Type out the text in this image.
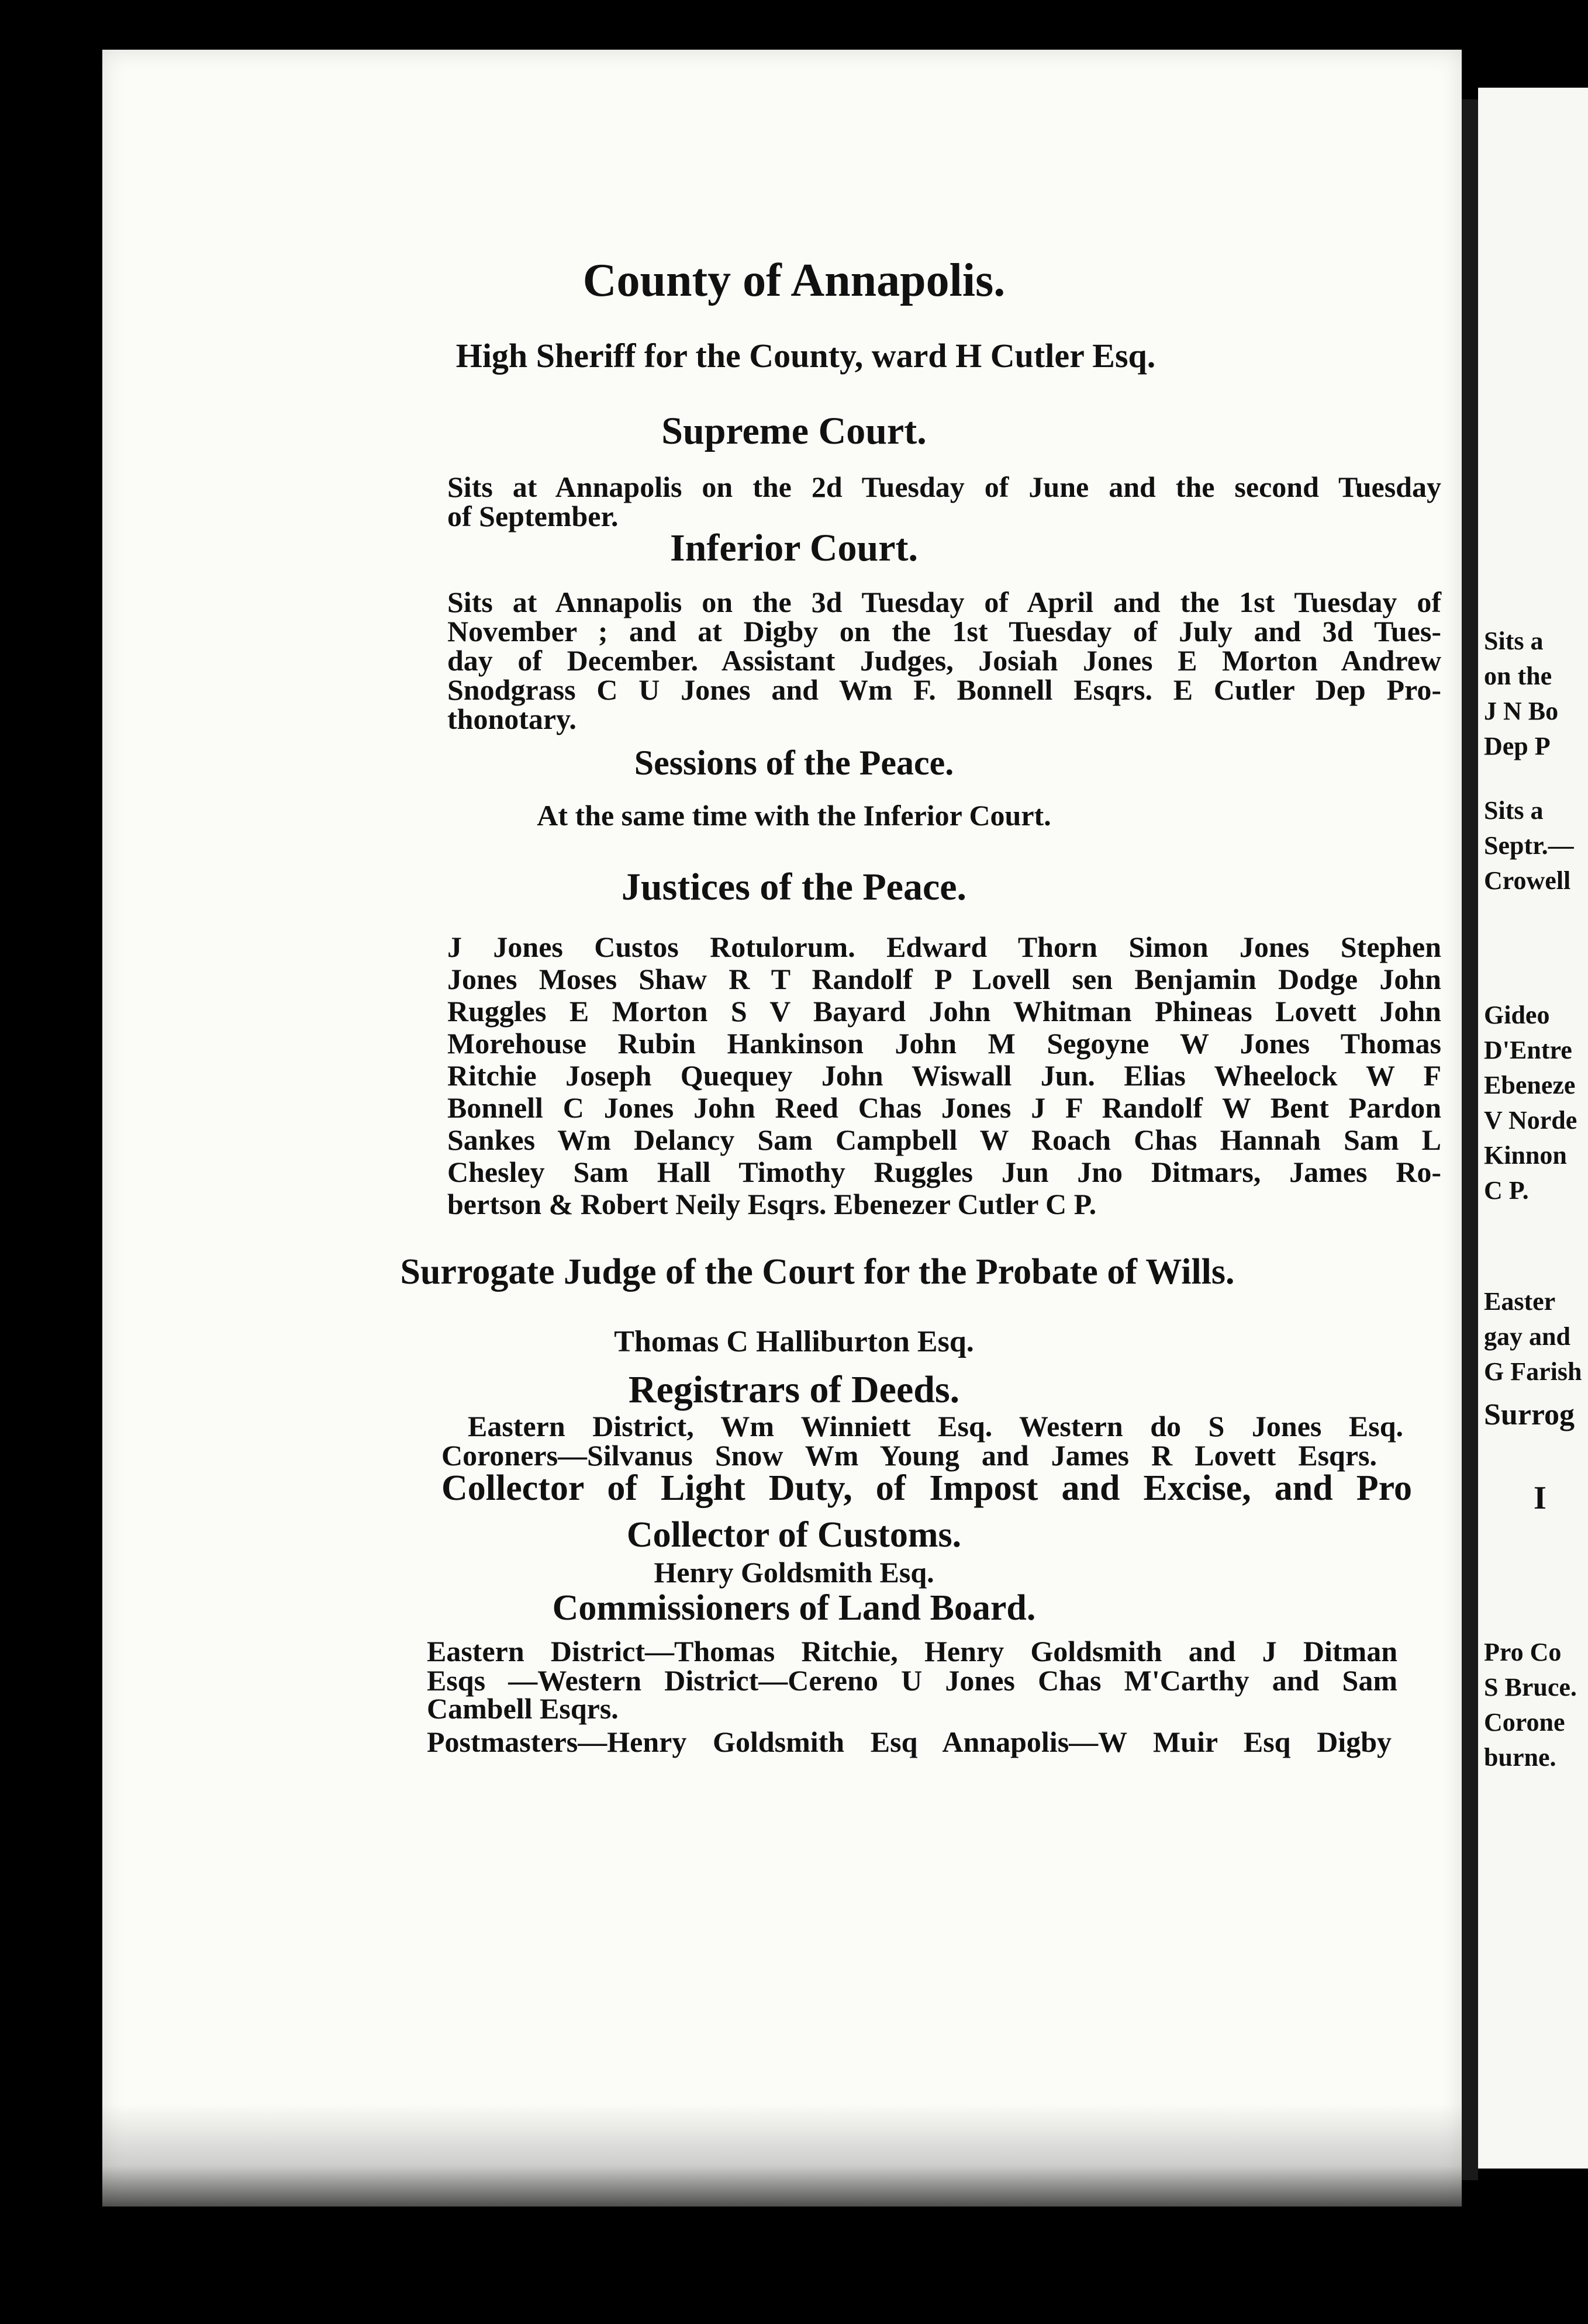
Sits a
on the
J N Bo
Dep P
Sits a
Septr.—
Crowell
Gideo
D'Entre
Ebeneze
V Norde
Kinnon
C P.
Easter
gay and
G Farish
Surrog
I
Pro Co
S Bruce.
Corone
burne.
County of Annapolis.
High Sheriff for the County, ward H Cutler Esq.
Supreme Court.
Sits at Annapolis on the 2d Tuesday of June and the second Tuesday
of September.
Inferior Court.
Sits at Annapolis on the 3d Tuesday of April and the 1st Tuesday of
November ; and at Digby on the 1st Tuesday of July and 3d Tues-
day of December. Assistant Judges, Josiah Jones E Morton Andrew
Snodgrass C U Jones and Wm F. Bonnell Esqrs. E Cutler Dep Pro-
thonotary.
Sessions of the Peace.
At the same time with the Inferior Court.
Justices of the Peace.
J Jones Custos Rotulorum. Edward Thorn Simon Jones Stephen
Jones Moses Shaw R T Randolf P Lovell sen Benjamin Dodge John
Ruggles E Morton S V Bayard John Whitman Phineas Lovett John
Morehouse Rubin Hankinson John M Segoyne W Jones Thomas
Ritchie Joseph Quequey John Wiswall Jun. Elias Wheelock W F
Bonnell C Jones John Reed Chas Jones J F Randolf W Bent Pardon
Sankes Wm Delancy Sam Campbell W Roach Chas Hannah Sam L
Chesley Sam Hall Timothy Ruggles Jun Jno Ditmars, James Ro-
bertson & Robert Neily Esqrs. Ebenezer Cutler C P.
Surrogate Judge of the Court for the Probate of Wills.
Thomas C Halliburton Esq.
Registrars of Deeds.
Eastern District, Wm Winniett Esq. Western do S Jones Esq.
Coroners—Silvanus Snow Wm Young and James R Lovett Esqrs.
Collector of Light Duty, of Impost and Excise, and Pro
Collector of Customs.
Henry Goldsmith Esq.
Commissioners of Land Board.
Eastern District—Thomas Ritchie, Henry Goldsmith and J Ditman
Esqs —Western District—Cereno U Jones Chas M'Carthy and Sam
Cambell Esqrs.
Postmasters—Henry Goldsmith Esq Annapolis—W Muir Esq Digby
